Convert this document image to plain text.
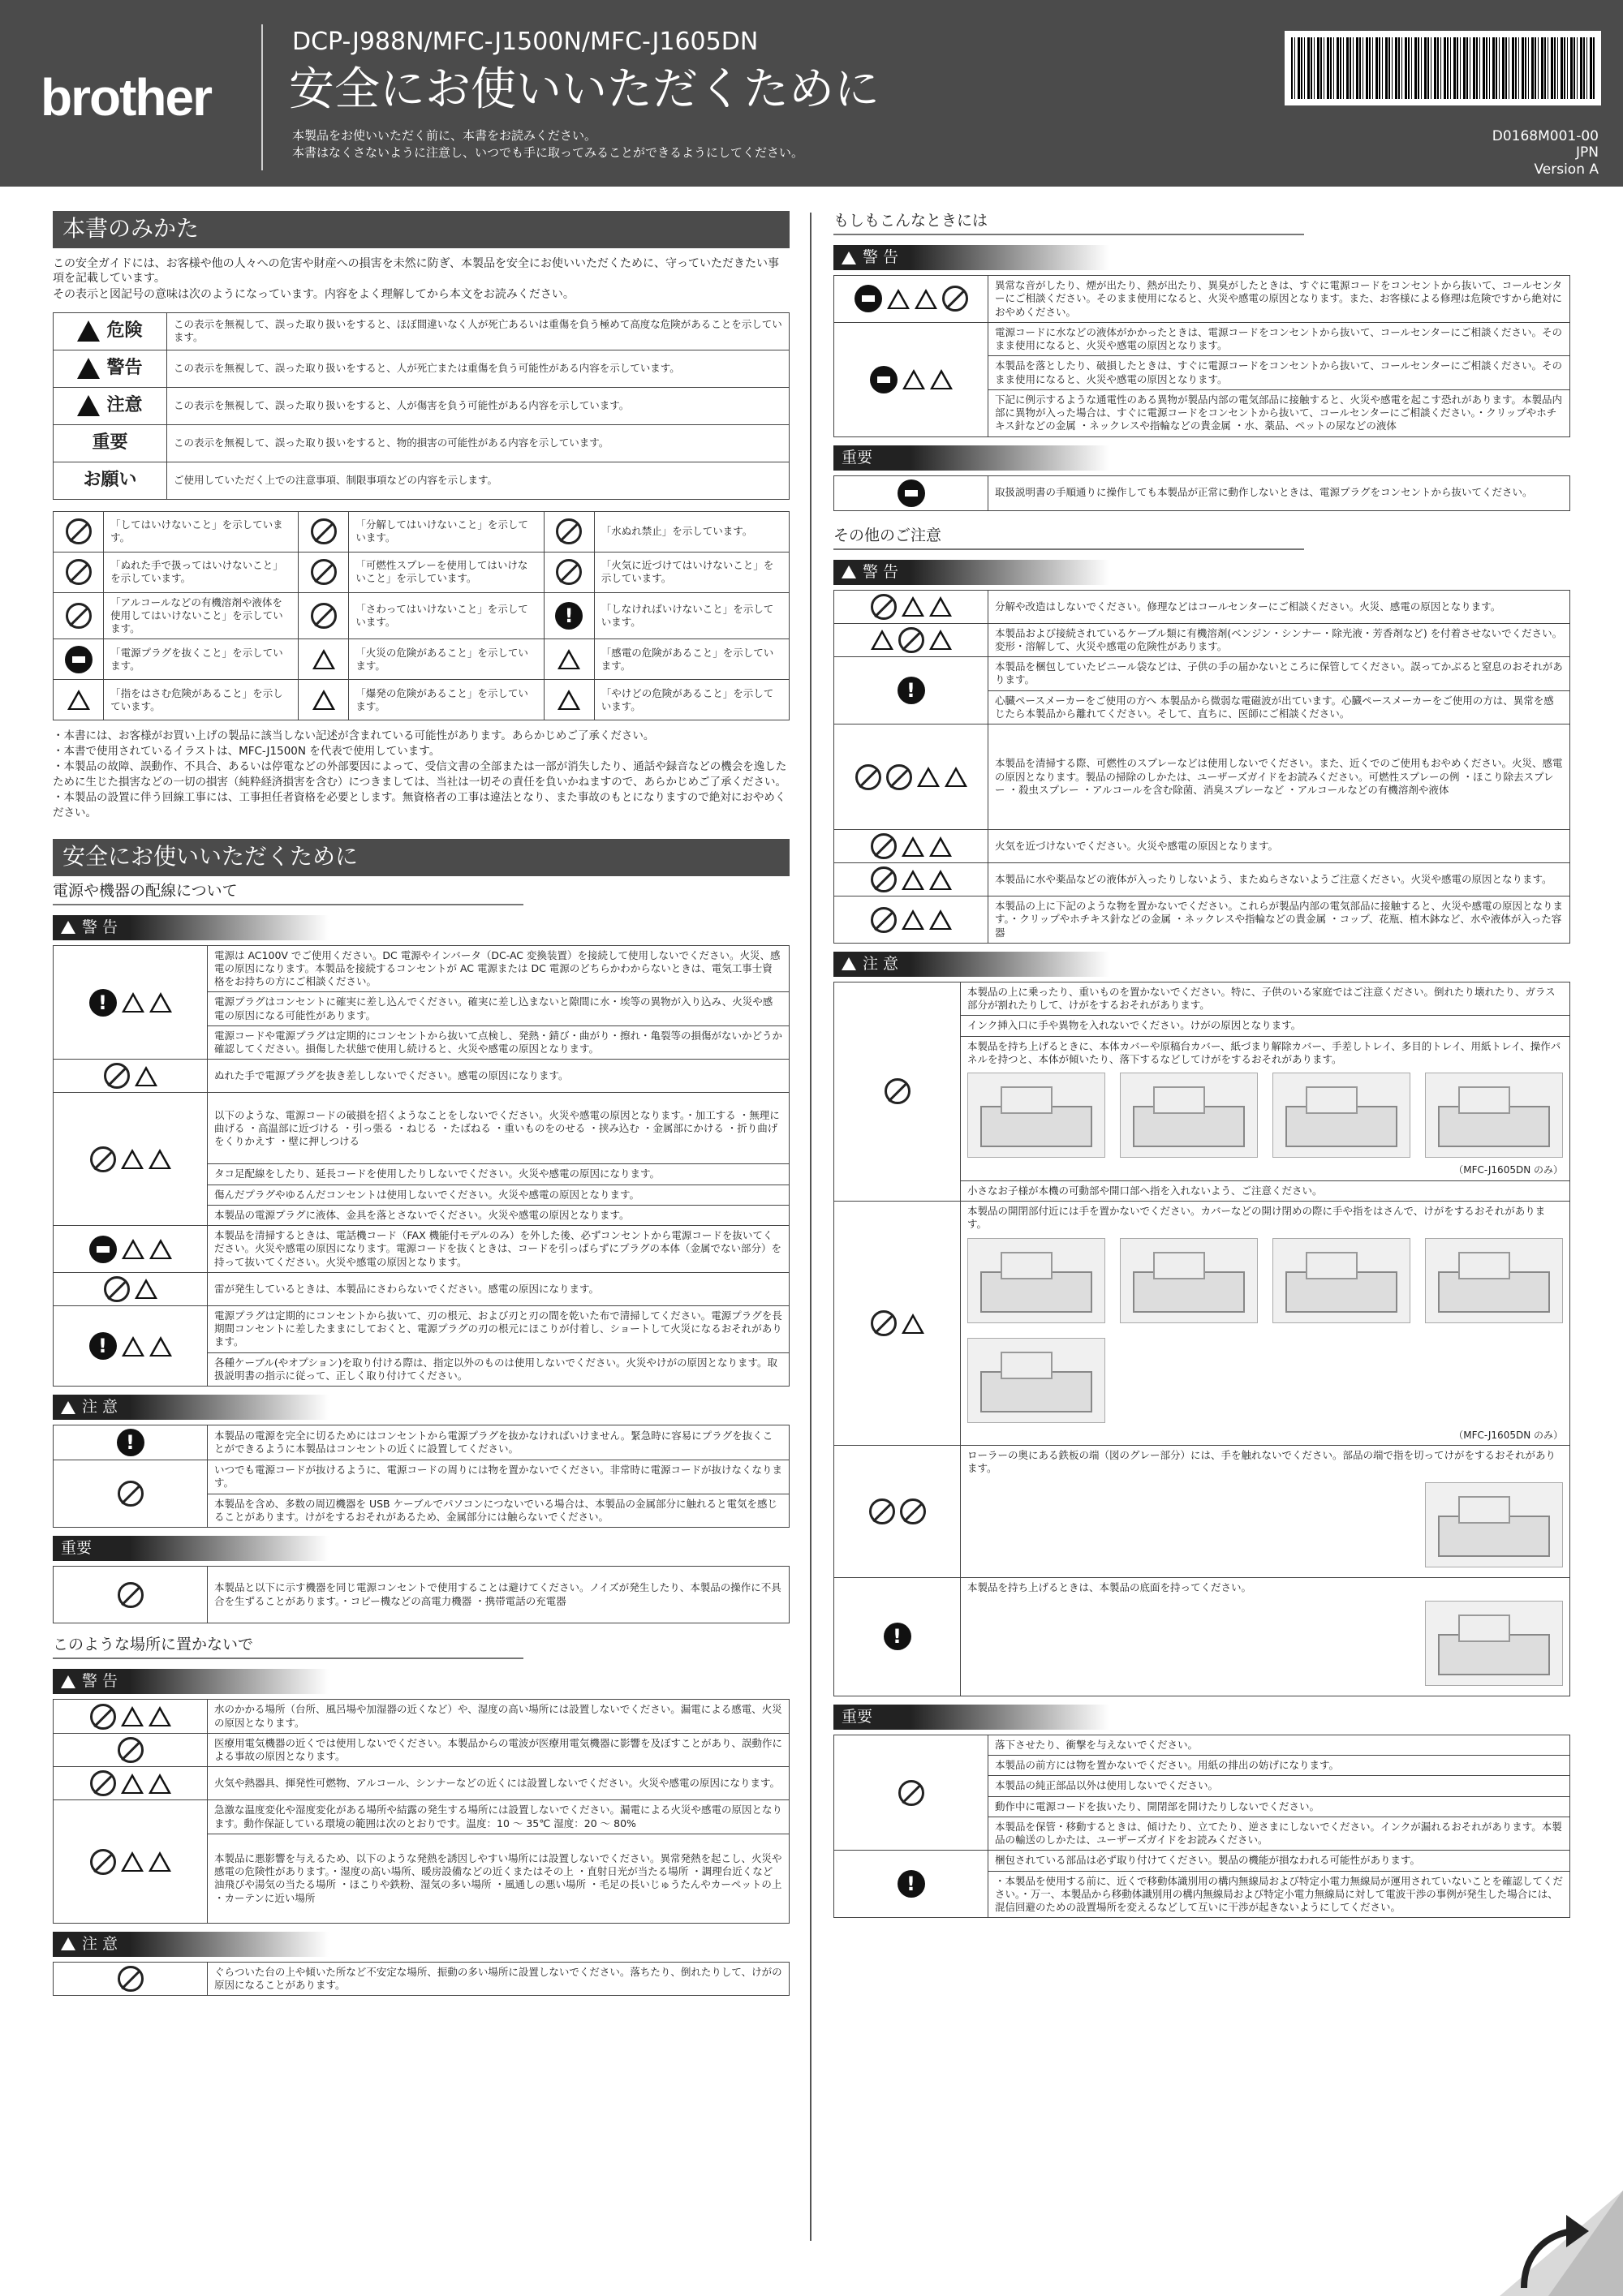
brother
DCP-J988N/MFC-J1500N/MFC-J1605DN
安全にお使いいただくために
本製品をお使いいただく前に、本書をお読みください。
本書はなくさないように注意し、いつでも手に取ってみることができるようにしてください。
D0168M001-00
JPN
Version A
本書のみかた
この安全ガイドには、お客様や他の人々への危害や財産への損害を未然に防ぎ、本製品を安全にお使いいただくために、守っていただきたい事項を記載しています。
その表示と図記号の意味は次のようになっています。内容をよく理解してから本文をお読みください。
危険	この表示を無視して、誤った取り扱いをすると、ほぼ間違いなく人が死亡あるいは重傷を負う極めて高度な危険があることを示しています。
警告	この表示を無視して、誤った取り扱いをすると、人が死亡または重傷を負う可能性がある内容を示しています。
注意	この表示を無視して、誤った取り扱いをすると、人が傷害を負う可能性がある内容を示しています。
重要	この表示を無視して、誤った取り扱いをすると、物的損害の可能性がある内容を示しています。
お願い	ご使用していただく上での注意事項、制限事項などの内容を示します。
	「してはいけないこと」を示しています。		「分解してはいけないこと」を示しています。		「水ぬれ禁止」を示しています。
	「ぬれた手で扱ってはいけないこと」を示しています。		「可燃性スプレーを使用してはいけないこと」を示しています。		「火気に近づけてはいけないこと」を示しています。
	「アルコールなどの有機溶剤や液体を使用してはいけないこと」を示しています。		「さわってはいけないこと」を示しています。	!	「しなければいけないこと」を示しています。
	「電源プラグを抜くこと」を示しています。		「火災の危険があること」を示しています。		「感電の危険があること」を示しています。
	「指をはさむ危険があること」を示しています。		「爆発の危険があること」を示しています。		「やけどの危険があること」を示しています。
・本書には、お客様がお買い上げの製品に該当しない記述が含まれている可能性があります。あらかじめご了承ください。
・本書で使用されているイラストは、MFC-J1500N を代表で使用しています。
・本製品の故障、誤動作、不具合、あるいは停電などの外部要因によって、受信文書の全部または一部が消失したり、通話や録音などの機会を逸したために生じた損害などの一切の損害（純粋経済損害を含む）につきましては、当社は一切その責任を負いかねますので、あらかじめご了承ください。
・本製品の設置に伴う回線工事には、工事担任者資格を必要とします。無資格者の工事は違法となり、また事故のもとになりますので絶対におやめください。
安全にお使いいただくために
電源や機器の配線について
警 告
!	電源は AC100V でご使用ください。DC 電源やインバータ（DC-AC 変換装置）を接続して使用しないでください。火災、感電の原因になります。本製品を接続するコンセントが AC 電源または DC 電源のどちらかわからないときは、電気工事士資格をお持ちの方にご相談ください。
	電源プラグはコンセントに確実に差し込んでください。確実に差し込まないと隙間に水・埃等の異物が入り込み、火災や感電の原因になる可能性があります。
	電源コードや電源プラグは定期的にコンセントから抜いて点検し、発熱・錆び・曲がり・擦れ・亀裂等の損傷がないかどうか確認してください。損傷した状態で使用し続けると、火災や感電の原因となります。
	ぬれた手で電源プラグを抜き差ししないでください。感電の原因になります。
	以下のような、電源コードの破損を招くようなことをしないでください。火災や感電の原因となります。・加工する ・無理に曲げる ・高温部に近づける ・引っ張る ・ねじる ・たばねる ・重いものをのせる ・挟み込む ・金属部にかける ・折り曲げをくりかえす ・壁に押しつける
	タコ足配線をしたり、延長コードを使用したりしないでください。火災や感電の原因になります。
	傷んだプラグやゆるんだコンセントは使用しないでください。火災や感電の原因となります。
	本製品の電源プラグに液体、金具を落とさないでください。火災や感電の原因となります。
	本製品を清掃するときは、電話機コード（FAX 機能付モデルのみ）を外した後、必ずコンセントから電源コードを抜いてください。火災や感電の原因になります。電源コードを抜くときは、コードを引っぱらずにプラグの本体（金属でない部分）を持って抜いてください。火災や感電の原因となります。
	雷が発生しているときは、本製品にさわらないでください。感電の原因になります。
!	電源プラグは定期的にコンセントから抜いて、刃の根元、および刃と刃の間を乾いた布で清掃してください。電源プラグを長期間コンセントに差したままにしておくと、電源プラグの刃の根元にほこりが付着し、ショートして火災になるおそれがあります。
	各種ケーブル(やオプション)を取り付ける際は、指定以外のものは使用しないでください。火災やけがの原因となります。取扱説明書の指示に従って、正しく取り付けてください。
注 意
!	本製品の電源を完全に切るためにはコンセントから電源プラグを抜かなければいけません。緊急時に容易にプラグを抜くことができるように本製品はコンセントの近くに設置してください。
	いつでも電源コードが抜けるように、電源コードの周りには物を置かないでください。非常時に電源コードが抜けなくなります。
	本製品を含め、多数の周辺機器を USB ケーブルでパソコンにつないでいる場合は、本製品の金属部分に触れると電気を感じることがあります。けがをするおそれがあるため、金属部分には触らないでください。
重要
	本製品と以下に示す機器を同じ電源コンセントで使用することは避けてください。ノイズが発生したり、本製品の操作に不具合を生ずることがあります。・コピー機などの高電力機器 ・携帯電話の充電器
このような場所に置かないで
警 告
	水のかかる場所（台所、風呂場や加湿器の近くなど）や、湿度の高い場所には設置しないでください。漏電による感電、火災の原因となります。
	医療用電気機器の近くでは使用しないでください。本製品からの電波が医療用電気機器に影響を及ぼすことがあり、誤動作による事故の原因となります。
	火気や熱器具、揮発性可燃物、アルコール、シンナーなどの近くには設置しないでください。火災や感電の原因になります。
	急激な温度変化や湿度変化がある場所や結露の発生する場所には設置しないでください。漏電による火災や感電の原因となります。動作保証している環境の範囲は次のとおりです。温度：10 ～ 35℃ 湿度：20 ～ 80%
	本製品に悪影響を与えるため、以下のような発熱を誘因しやすい場所には設置しないでください。異常発熱を起こし、火災や感電の危険性があります。・湿度の高い場所、暖房設備などの近くまたはその上 ・直射日光が当たる場所 ・調理台近くなど油飛びや湯気の当たる場所 ・ほこりや鉄粉、湿気の多い場所 ・風通しの悪い場所 ・毛足の長いじゅうたんやカーペットの上 ・カーテンに近い場所
注 意
	ぐらついた台の上や傾いた所など不安定な場所、振動の多い場所に設置しないでください。落ちたり、倒れたりして、けがの原因になることがあります。
もしもこんなときには
警 告
	異常な音がしたり、煙が出たり、熱が出たり、異臭がしたときは、すぐに電源コードをコンセントから抜いて、コールセンターにご相談ください。そのまま使用になると、火災や感電の原因となります。また、お客様による修理は危険ですから絶対におやめください。
	電源コードに水などの液体がかかったときは、電源コードをコンセントから抜いて、コールセンターにご相談ください。そのまま使用になると、火災や感電の原因となります。
	本製品を落としたり、破損したときは、すぐに電源コードをコンセントから抜いて、コールセンターにご相談ください。そのまま使用になると、火災や感電の原因となります。
	下記に例示するような通電性のある異物が製品内部の電気部品に接触すると、火災や感電を起こす恐れがあります。本製品内部に異物が入った場合は、すぐに電源コードをコンセントから抜いて、コールセンターにご相談ください。・クリップやホチキス針などの金属 ・ネックレスや指輪などの貴金属 ・水、薬品、ペットの尿などの液体
重要
	取扱説明書の手順通りに操作しても本製品が正常に動作しないときは、電源プラグをコンセントから抜いてください。
その他のご注意
警 告
	分解や改造はしないでください。修理などはコールセンターにご相談ください。火災、感電の原因となります。
	本製品および接続されているケーブル類に有機溶剤(ベンジン・シンナー・除光液・芳香剤など) を付着させないでください。変形・溶解して、火災や感電の危険性があります。
!	本製品を梱包していたビニール袋などは、子供の手の届かないところに保管してください。誤ってかぶると窒息のおそれがあります。
	心臓ペースメーカーをご使用の方へ 本製品から微弱な電磁波が出ています。心臓ペースメーカーをご使用の方は、異常を感じたら本製品から離れてください。そして、直ちに、医師にご相談ください。
	本製品を清掃する際、可燃性のスプレーなどは使用しないでください。また、近くでのご使用もおやめください。火災、感電の原因となります。製品の掃除のしかたは、ユーザーズガイドをお読みください。可燃性スプレーの例 ・ほこり除去スプレー ・殺虫スプレー ・アルコールを含む除菌、消臭スプレーなど ・アルコールなどの有機溶剤や液体
	火気を近づけないでください。火災や感電の原因となります。
	本製品に水や薬品などの液体が入ったりしないよう、またぬらさないようご注意ください。火災や感電の原因となります。
	本製品の上に下記のような物を置かないでください。これらが製品内部の電気部品に接触すると、火災や感電の原因となります。・クリップやホチキス針などの金属 ・ネックレスや指輪などの貴金属 ・コップ、花瓶、植木鉢など、水や液体が入った容器
注 意
	本製品の上に乗ったり、重いものを置かないでください。特に、子供のいる家庭ではご注意ください。倒れたり壊れたり、ガラス部分が割れたりして、けがをするおそれがあります。
	インク挿入口に手や異物を入れないでください。けがの原因となります。

	本製品を持ち上げるときに、本体カバーや原稿台カバー、紙づまり解除カバー、手差しトレイ、多目的トレイ、用紙トレイ、操作パネルを持つと、本体が傾いたり、落下するなどしてけがをするおそれがあります。
（MFC-J1605DN のみ）

	小さなお子様が本機の可動部や開口部へ指を入れないよう、ご注意ください。

	本製品の開閉部付近には手を置かないでください。カバーなどの開け閉めの際に手や指をはさんで、けがをするおそれがあります。
（MFC-J1605DN のみ）

	ローラーの奥にある鉄板の端（図のグレー部分）には、手を触れないでください。部品の端で指を切ってけがをするおそれがあります。

!	本製品を持ち上げるときは、本製品の底面を持ってください。
重要
	落下させたり、衝撃を与えないでください。
	本製品の前方には物を置かないでください。用紙の排出の妨げになります。
	本製品の純正部品以外は使用しないでください。
	動作中に電源コードを抜いたり、開閉部を開けたりしないでください。
	本製品を保管・移動するときは、傾けたり、立てたり、逆さまにしないでください。インクが漏れるおそれがあります。本製品の輸送のしかたは、ユーザーズガイドをお読みください。
!	梱包されている部品は必ず取り付けてください。製品の機能が損なわれる可能性があります。
	・本製品を使用する前に、近くで移動体識別用の構内無線局および特定小電力無線局が運用されていないことを確認してください。・万一、本製品から移動体識別用の構内無線局および特定小電力無線局に対して電波干渉の事例が発生した場合には、混信回避のための設置場所を変えるなどして互いに干渉が起きないようにしてください。
